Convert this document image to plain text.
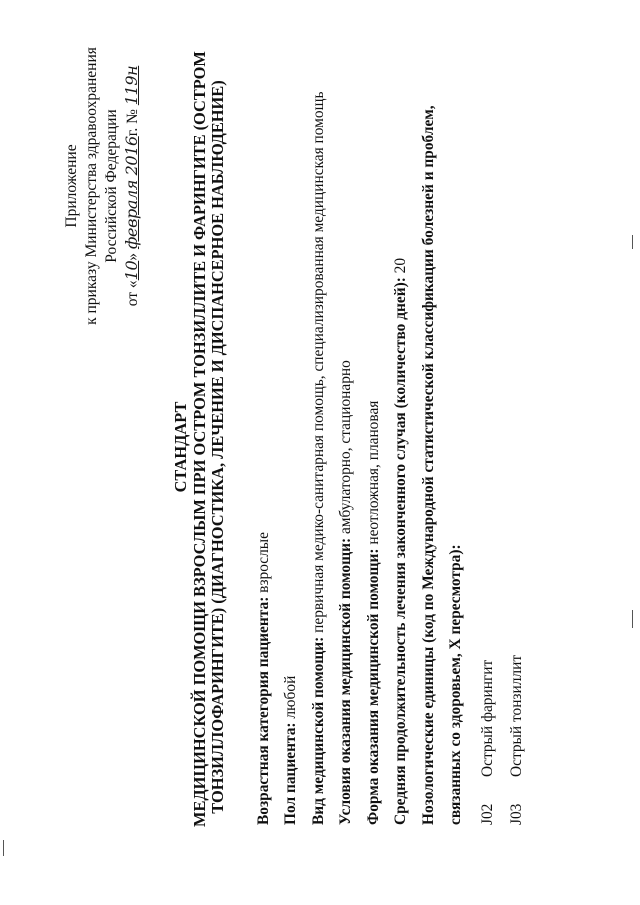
Приложение к приказу Министерства здравоохранения Российской Федерации
от «10» февраля 2016г. № 119н
СТАНДАРТ МЕДИЦИНСКОЙ ПОМОЩИ ВЗРОСЛЫМ ПРИ ОСТРОМ ТОНЗИЛЛИТЕ И ФАРИНГИТЕ (ОСТРОМ ТОНЗИЛЛОФАРИНГИТЕ) (ДИАГНОСТИКА, ЛЕЧЕНИЕ И ДИСПАНСЕРНОЕ НАБЛЮДЕНИЕ) Возрастная категория пациента: взрослые
Пол пациента: любой Вид медицинской помощи: первичная медико-санитарная помощь, специализированная медицинская помощь
Условия оказания медицинской помощи: амбулаторно, стационарно
Форма оказания медицинской помощи: неотложная, плановая Средняя продолжительность лечения законченного случая (количество дней): 20 Нозологические единицы (код по Международной статистической классификации болезней и проблем, связанных со здоровьем, X пересмотра): J02
Острый фарингит
J03
Острый тонзиллит
